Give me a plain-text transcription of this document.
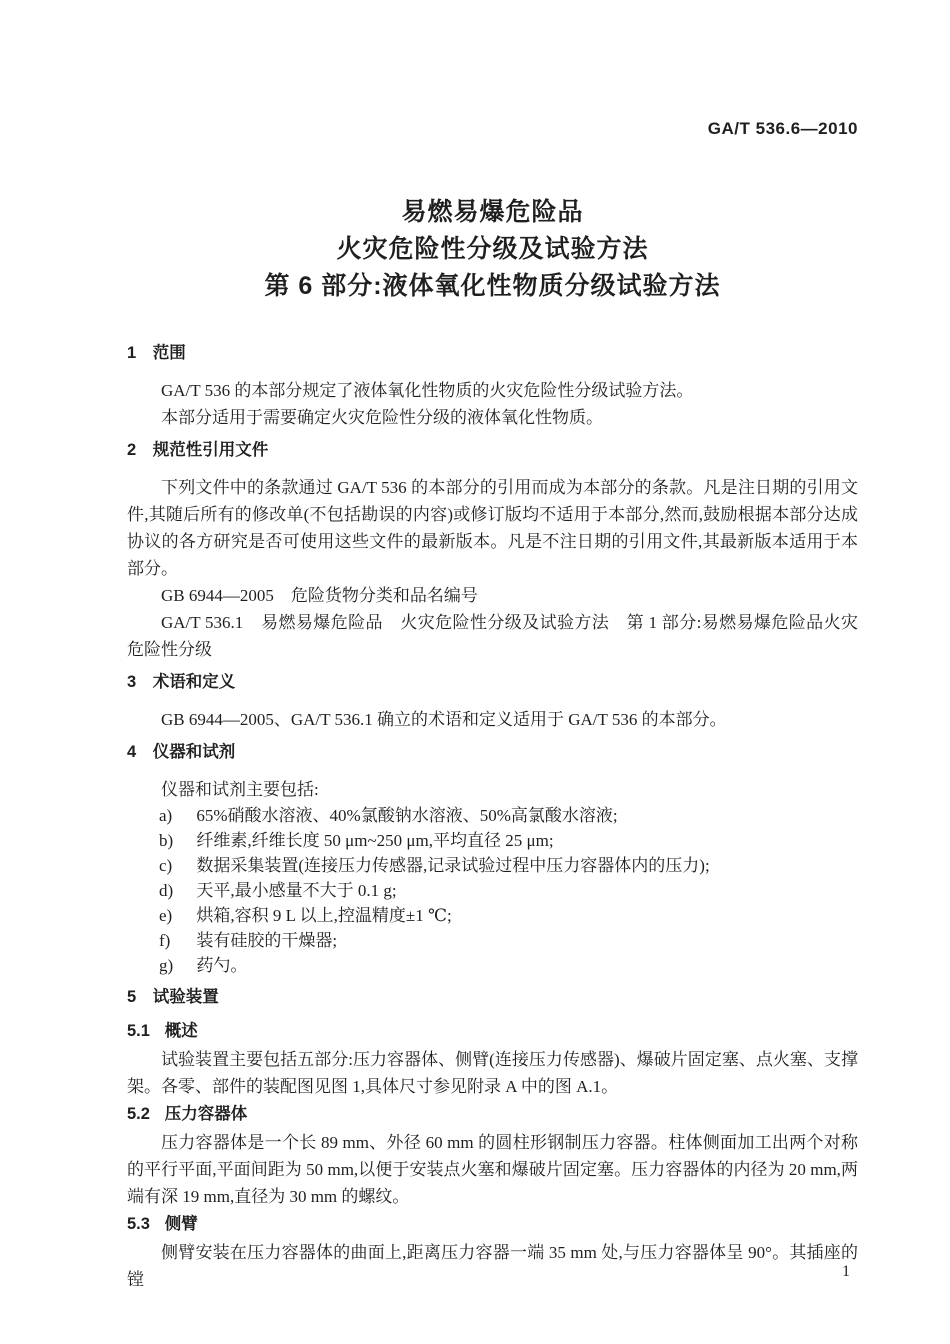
GA/T 536.6—2010
易燃易爆危险品
火灾危险性分级及试验方法
第 6 部分:液体氧化性物质分级试验方法
1 范围

GA/T 536 的本部分规定了液体氧化性物质的火灾危险性分级试验方法。

本部分适用于需要确定火灾危险性分级的液体氧化性物质。

2 规范性引用文件

下列文件中的条款通过 GA/T 536 的本部分的引用而成为本部分的条款。凡是注日期的引用文件,其随后所有的修改单(不包括勘误的内容)或修订版均不适用于本部分,然而,鼓励根据本部分达成协议的各方研究是否可使用这些文件的最新版本。凡是不注日期的引用文件,其最新版本适用于本部分。

GB 6944—2005　危险货物分类和品名编号

GA/T 536.1　易燃易爆危险品　火灾危险性分级及试验方法　第 1 部分:易燃易爆危险品火灾危险性分级

3 术语和定义

GB 6944—2005、GA/T 536.1 确立的术语和定义适用于 GA/T 536 的本部分。

4 仪器和试剂

仪器和试剂主要包括:

a)	65%硝酸水溶液、40%氯酸钠水溶液、50%高氯酸水溶液;
b)	纤维素,纤维长度 50 μm~250 μm,平均直径 25 μm;
c)	数据采集装置(连接压力传感器,记录试验过程中压力容器体内的压力);
d)	天平,最小感量不大于 0.1 g;
e)	烘箱,容积 9 L 以上,控温精度±1 ℃;
f)	装有硅胶的干燥器;
g)	药勺。
5 试验装置
5.1 概述

试验装置主要包括五部分:压力容器体、侧臂(连接压力传感器)、爆破片固定塞、点火塞、支撑架。各零、部件的装配图见图 1,具体尺寸参见附录 A 中的图 A.1。

5.2 压力容器体

压力容器体是一个长 89 mm、外径 60 mm 的圆柱形钢制压力容器。柱体侧面加工出两个对称的平行平面,平面间距为 50 mm,以便于安装点火塞和爆破片固定塞。压力容器体的内径为 20 mm,两端有深 19 mm,直径为 30 mm 的螺纹。

5.3 侧臂

侧臂安装在压力容器体的曲面上,距离压力容器一端 35 mm 处,与压力容器体呈 90°。其插座的镗	1
